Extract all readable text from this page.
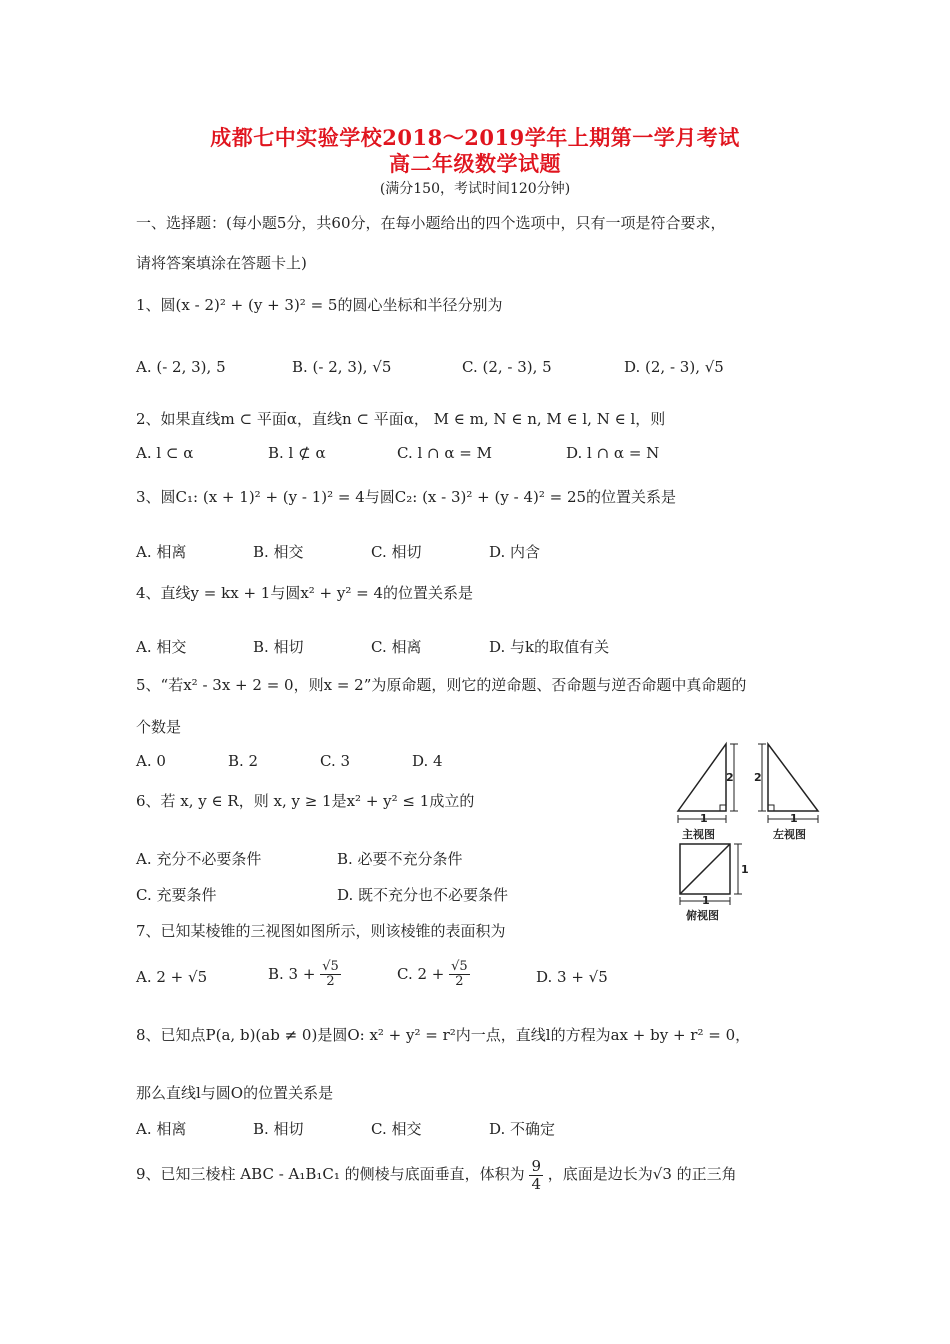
成都七中实验学校2018～2019学年上期第一学月考试
高二年级数学试题
(满分150，考试时间120分钟)
一、选择题：(每小题5分，共60分，在每小题给出的四个选项中，只有一项是符合要求，
请将答案填涂在答题卡上)
1、圆(x - 2)² + (y + 3)² = 5的圆心坐标和半径分别为
A. (- 2, 3), 5	B. (- 2, 3), √5	C. (2, - 3), 5	D. (2, - 3), √5
2、如果直线m ⊂ 平面α，直线n ⊂ 平面α， M ∈ m, N ∈ n, M ∈ l, N ∈ l，则
A. l ⊂ α	B. l ⊄ α	C. l ∩ α = M	D. l ∩ α = N
3、圆C₁: (x + 1)² + (y - 1)² = 4与圆C₂: (x - 3)² + (y - 4)² = 25的位置关系是
A. 相离	B. 相交	C. 相切	D. 内含
4、直线y = kx + 1与圆x² + y² = 4的位置关系是
A. 相交	B. 相切	C. 相离	D. 与k的取值有关
5、“若x² - 3x + 2 = 0，则x = 2”为原命题，则它的逆命题、否命题与逆否命题中真命题的
个数是
A. 0	B. 2	C. 3	D. 4
6、若 x, y ∈ R，则 x, y ≥ 1是x² + y² ≤ 1成立的
A. 充分不必要条件	B. 必要不充分条件
C. 充要条件	D. 既不充分也不必要条件
2
1
主视图
2
1
左视图
1
1
俯视图
7、已知某棱锥的三视图如图所示，则该棱锥的表面积为
A. 2 + √5	B. $3 + \frac{√5}{2}$	C. $2 + \frac{√5}{2}$	D. 3 + √5
8、已知点P(a, b)(ab ≠ 0)是圆O: x² + y² = r²内一点，直线l的方程为ax + by + r² = 0，
那么直线l与圆O的位置关系是
A. 相离	B. 相切	C. 相交	D. 不确定
9、已知三棱柱 ABC - A₁B₁C₁ 的侧棱与底面垂直，体积为 $\frac{9}{4}$ ，底面是边长为√3 的正三角
